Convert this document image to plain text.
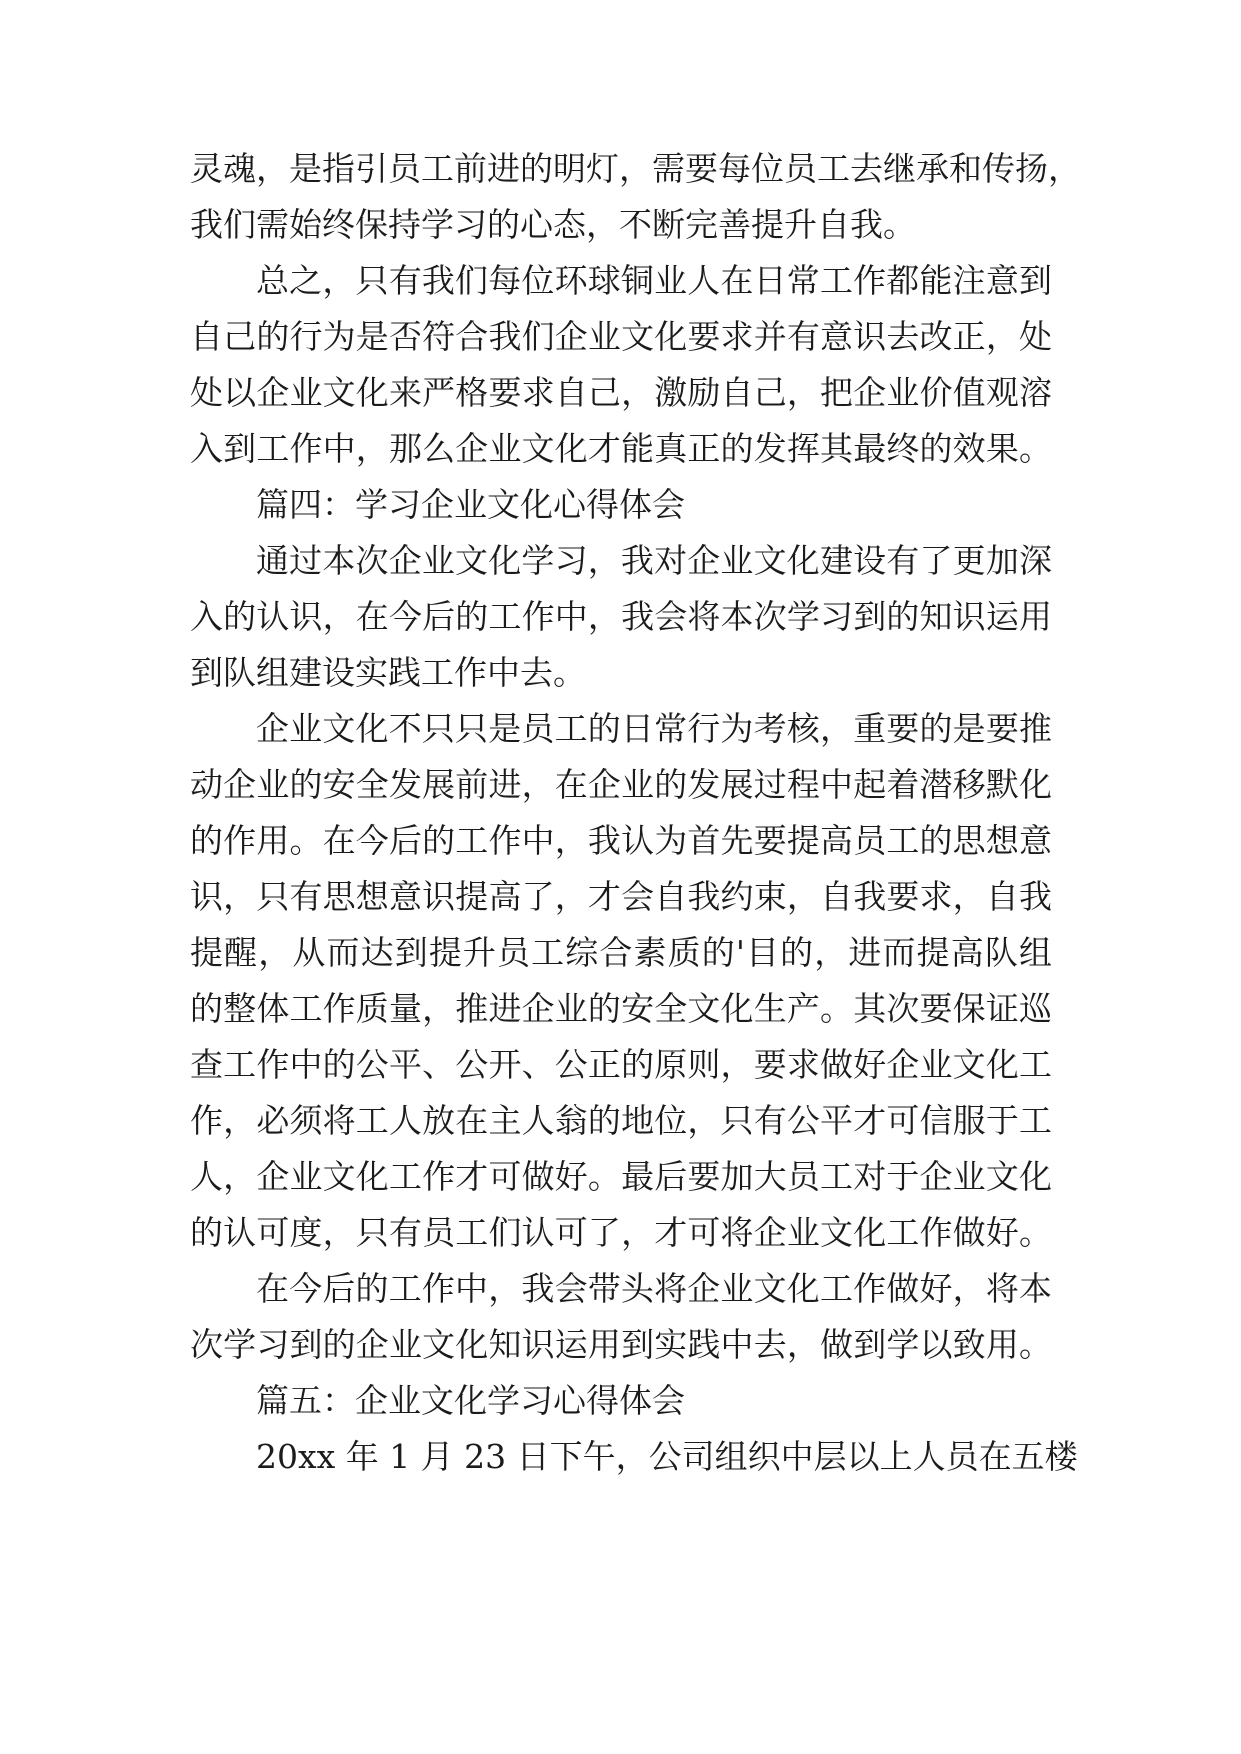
灵魂，是指引员工前进的明灯，需要每位员工去继承和传扬，
我们需始终保持学习的心态，不断完善提升自我。
总之，只有我们每位环球铜业人在日常工作都能注意到
自己的行为是否符合我们企业文化要求并有意识去改正，处
处以企业文化来严格要求自己，激励自己，把企业价值观溶
入到工作中，那么企业文化才能真正的发挥其最终的效果。
篇四：学习企业文化心得体会
通过本次企业文化学习，我对企业文化建设有了更加深
入的认识，在今后的工作中，我会将本次学习到的知识运用
到队组建设实践工作中去。
企业文化不只只是员工的日常行为考核，重要的是要推
动企业的安全发展前进，在企业的发展过程中起着潜移默化
的作用。在今后的工作中，我认为首先要提高员工的思想意
识，只有思想意识提高了，才会自我约束，自我要求，自我
提醒，从而达到提升员工综合素质的'目的，进而提高队组
的整体工作质量，推进企业的安全文化生产。其次要保证巡
查工作中的公平、公开、公正的原则，要求做好企业文化工
作，必须将工人放在主人翁的地位，只有公平才可信服于工
人，企业文化工作才可做好。最后要加大员工对于企业文化
的认可度，只有员工们认可了，才可将企业文化工作做好。
在今后的工作中，我会带头将企业文化工作做好，将本
次学习到的企业文化知识运用到实践中去，做到学以致用。
篇五：企业文化学习心得体会
20xx 年 1 月 23 日下午，公司组织中层以上人员在五楼
